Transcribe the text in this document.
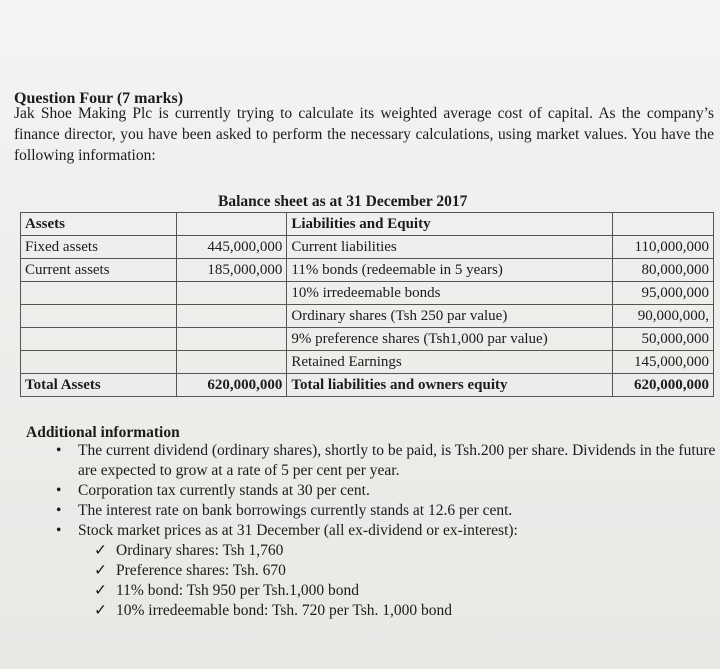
Question Four (7 marks)
Jak Shoe Making Plc is currently trying to calculate its weighted average cost of capital. As the company’s finance director, you have been asked to perform the necessary calculations, using market values. You have the following information:
Balance sheet as at 31 December 2017
Assets		Liabilities and Equity	
Fixed assets	445,000,000	Current liabilities	110,000,000
Current assets	185,000,000	11% bonds (redeemable in 5 years)	80,000,000
		10% irredeemable bonds	95,000,000
		Ordinary shares (Tsh 250 par value)	90,000,000,
		9% preference shares (Tsh1,000 par value)	50,000,000
		Retained Earnings	145,000,000
Total Assets	620,000,000	Total liabilities and owners equity	620,000,000
Additional information
• The current dividend (ordinary shares), shortly to be paid, is Tsh.200 per share. Dividends in the future are expected to grow at a rate of 5 per cent per year.
• Corporation tax currently stands at 30 per cent.
• The interest rate on bank borrowings currently stands at 12.6 per cent.
• Stock market prices as at 31 December (all ex-dividend or ex-interest):
✓ Ordinary shares: Tsh 1,760
✓ Preference shares: Tsh. 670
✓ 11% bond: Tsh 950 per Tsh.1,000 bond
✓ 10% irredeemable bond: Tsh. 720 per Tsh. 1,000 bond
